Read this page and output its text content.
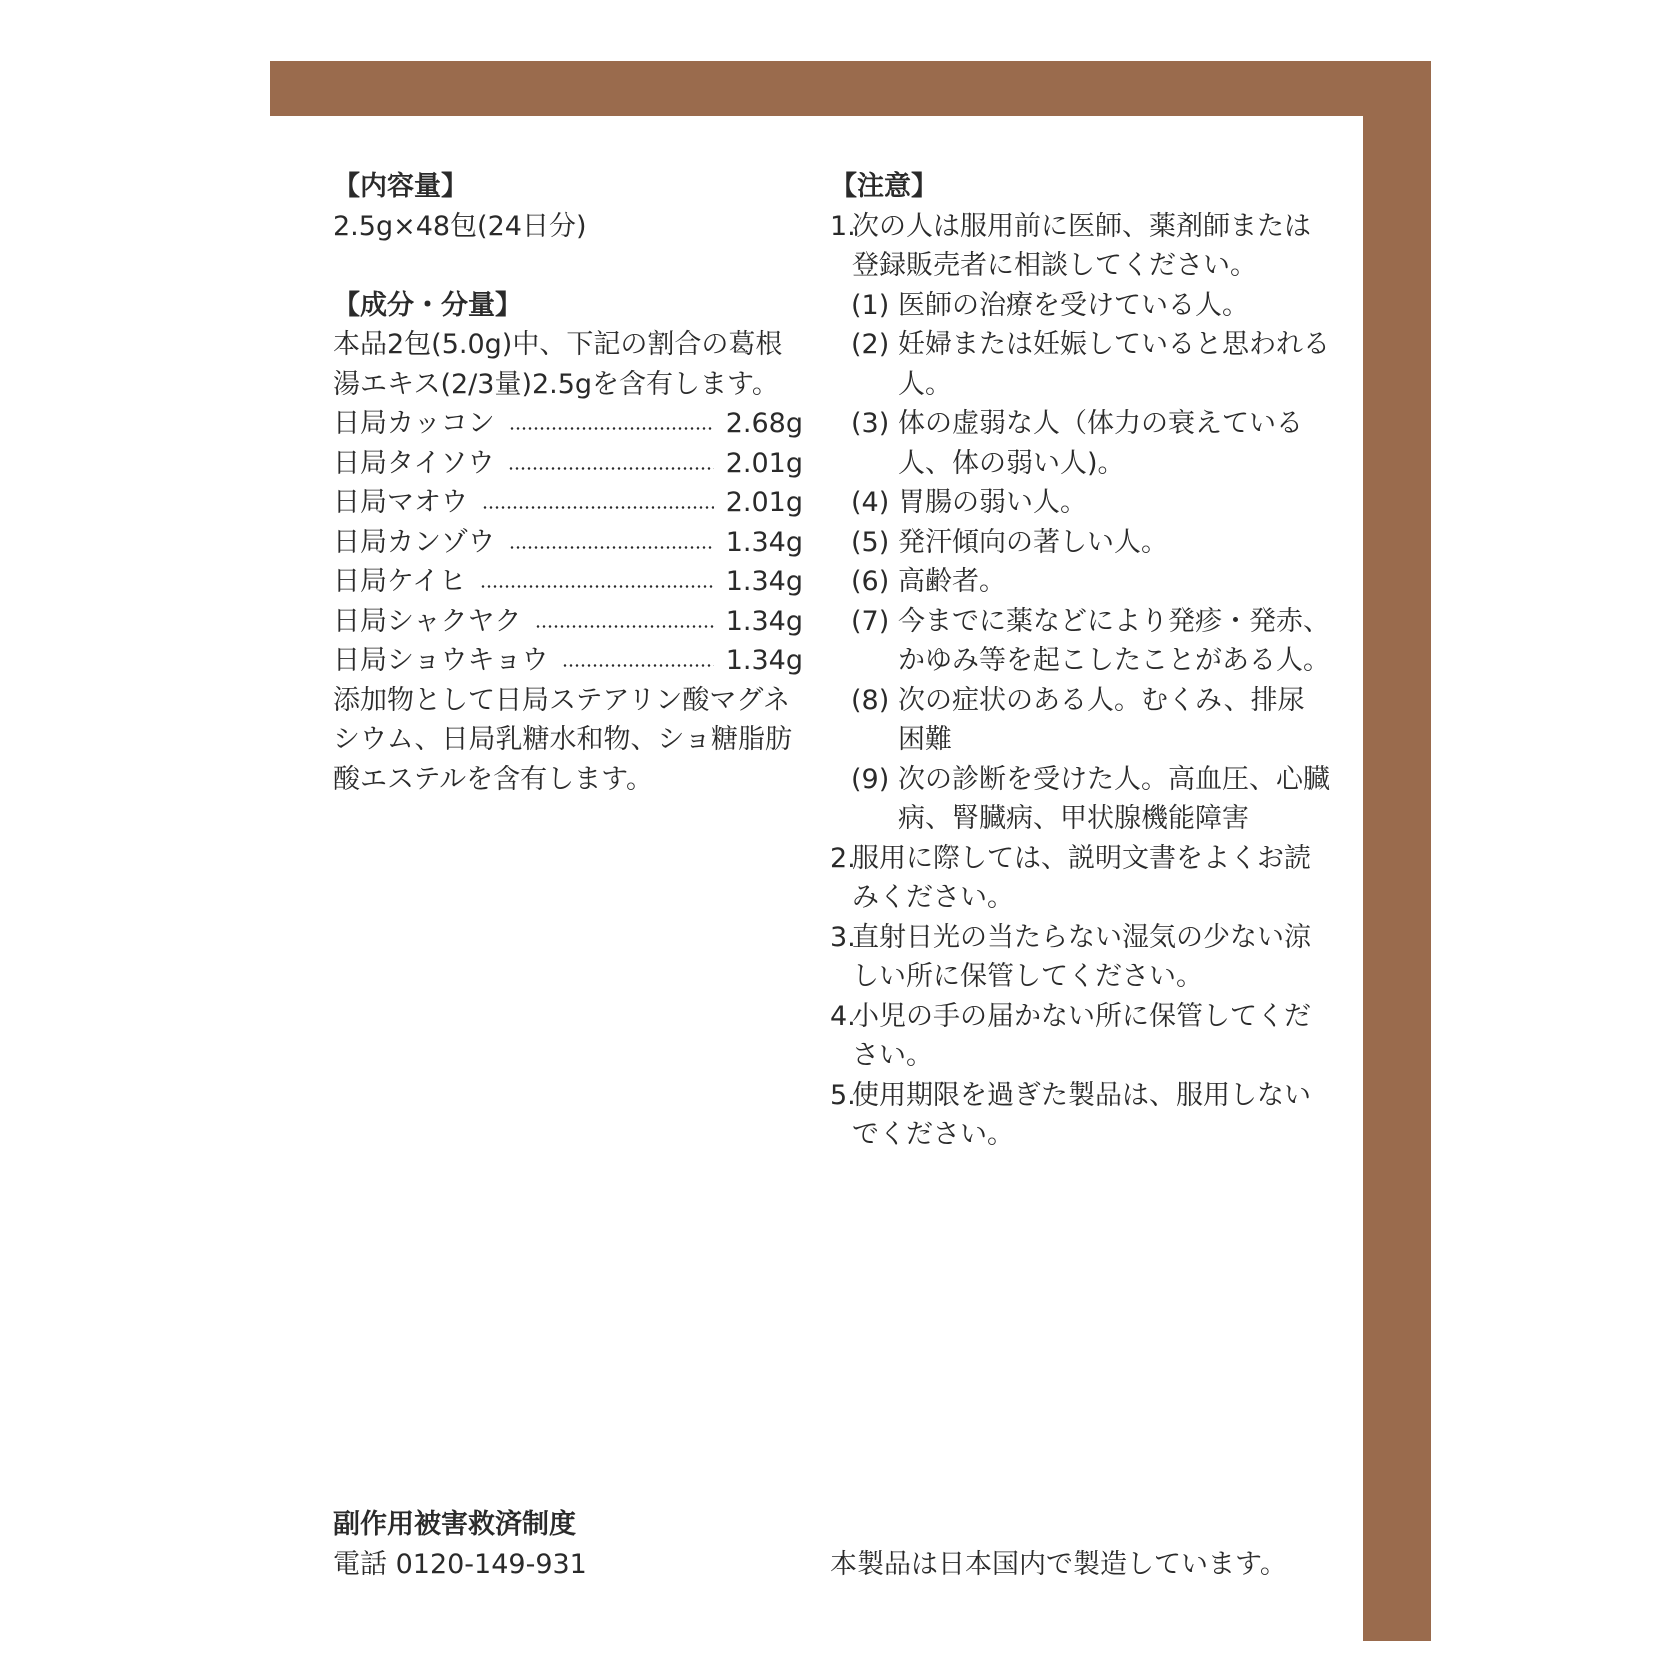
【内容量】
2.5g×48包(24日分)
【成分・分量】

本品2包(5.0g)中、下記の割合の葛根湯エキス(2/3量)2.5gを含有します。

日局カッコン	2.68g
日局タイソウ	2.01g
日局マオウ	2.01g
日局カンゾウ	1.34g
日局ケイヒ	1.34g
日局シャクヤク	1.34g
日局ショウキョウ	1.34g

添加物として日局ステアリン酸マグネシウム、日局乳糖水和物、ショ糖脂肪酸エステルを含有します。

【注意】
1.
次の人は服用前に医師、薬剤師または登録販売者に相談してください。
(1) 医師の治療を受けている人。
(2) 妊婦または妊娠していると思われる人。
(3) 体の虚弱な人（体力の衰えている人、体の弱い人)。
(4) 胃腸の弱い人。
(5) 発汗傾向の著しい人。
(6) 高齢者。
(7) 今までに薬などにより発疹・発赤、かゆみ等を起こしたことがある人。
(8) 次の症状のある人。むくみ、排尿困難
(9) 次の診断を受けた人。高血圧、心臓病、腎臓病、甲状腺機能障害
2.
服用に際しては、説明文書をよくお読みください。
3.
直射日光の当たらない湿気の少ない涼しい所に保管してください。
4.
小児の手の届かない所に保管してください。
5.
使用期限を過ぎた製品は、服用しないでください。
副作用被害救済制度
電話 0120-149-931	本製品は日本国内で製造しています。
